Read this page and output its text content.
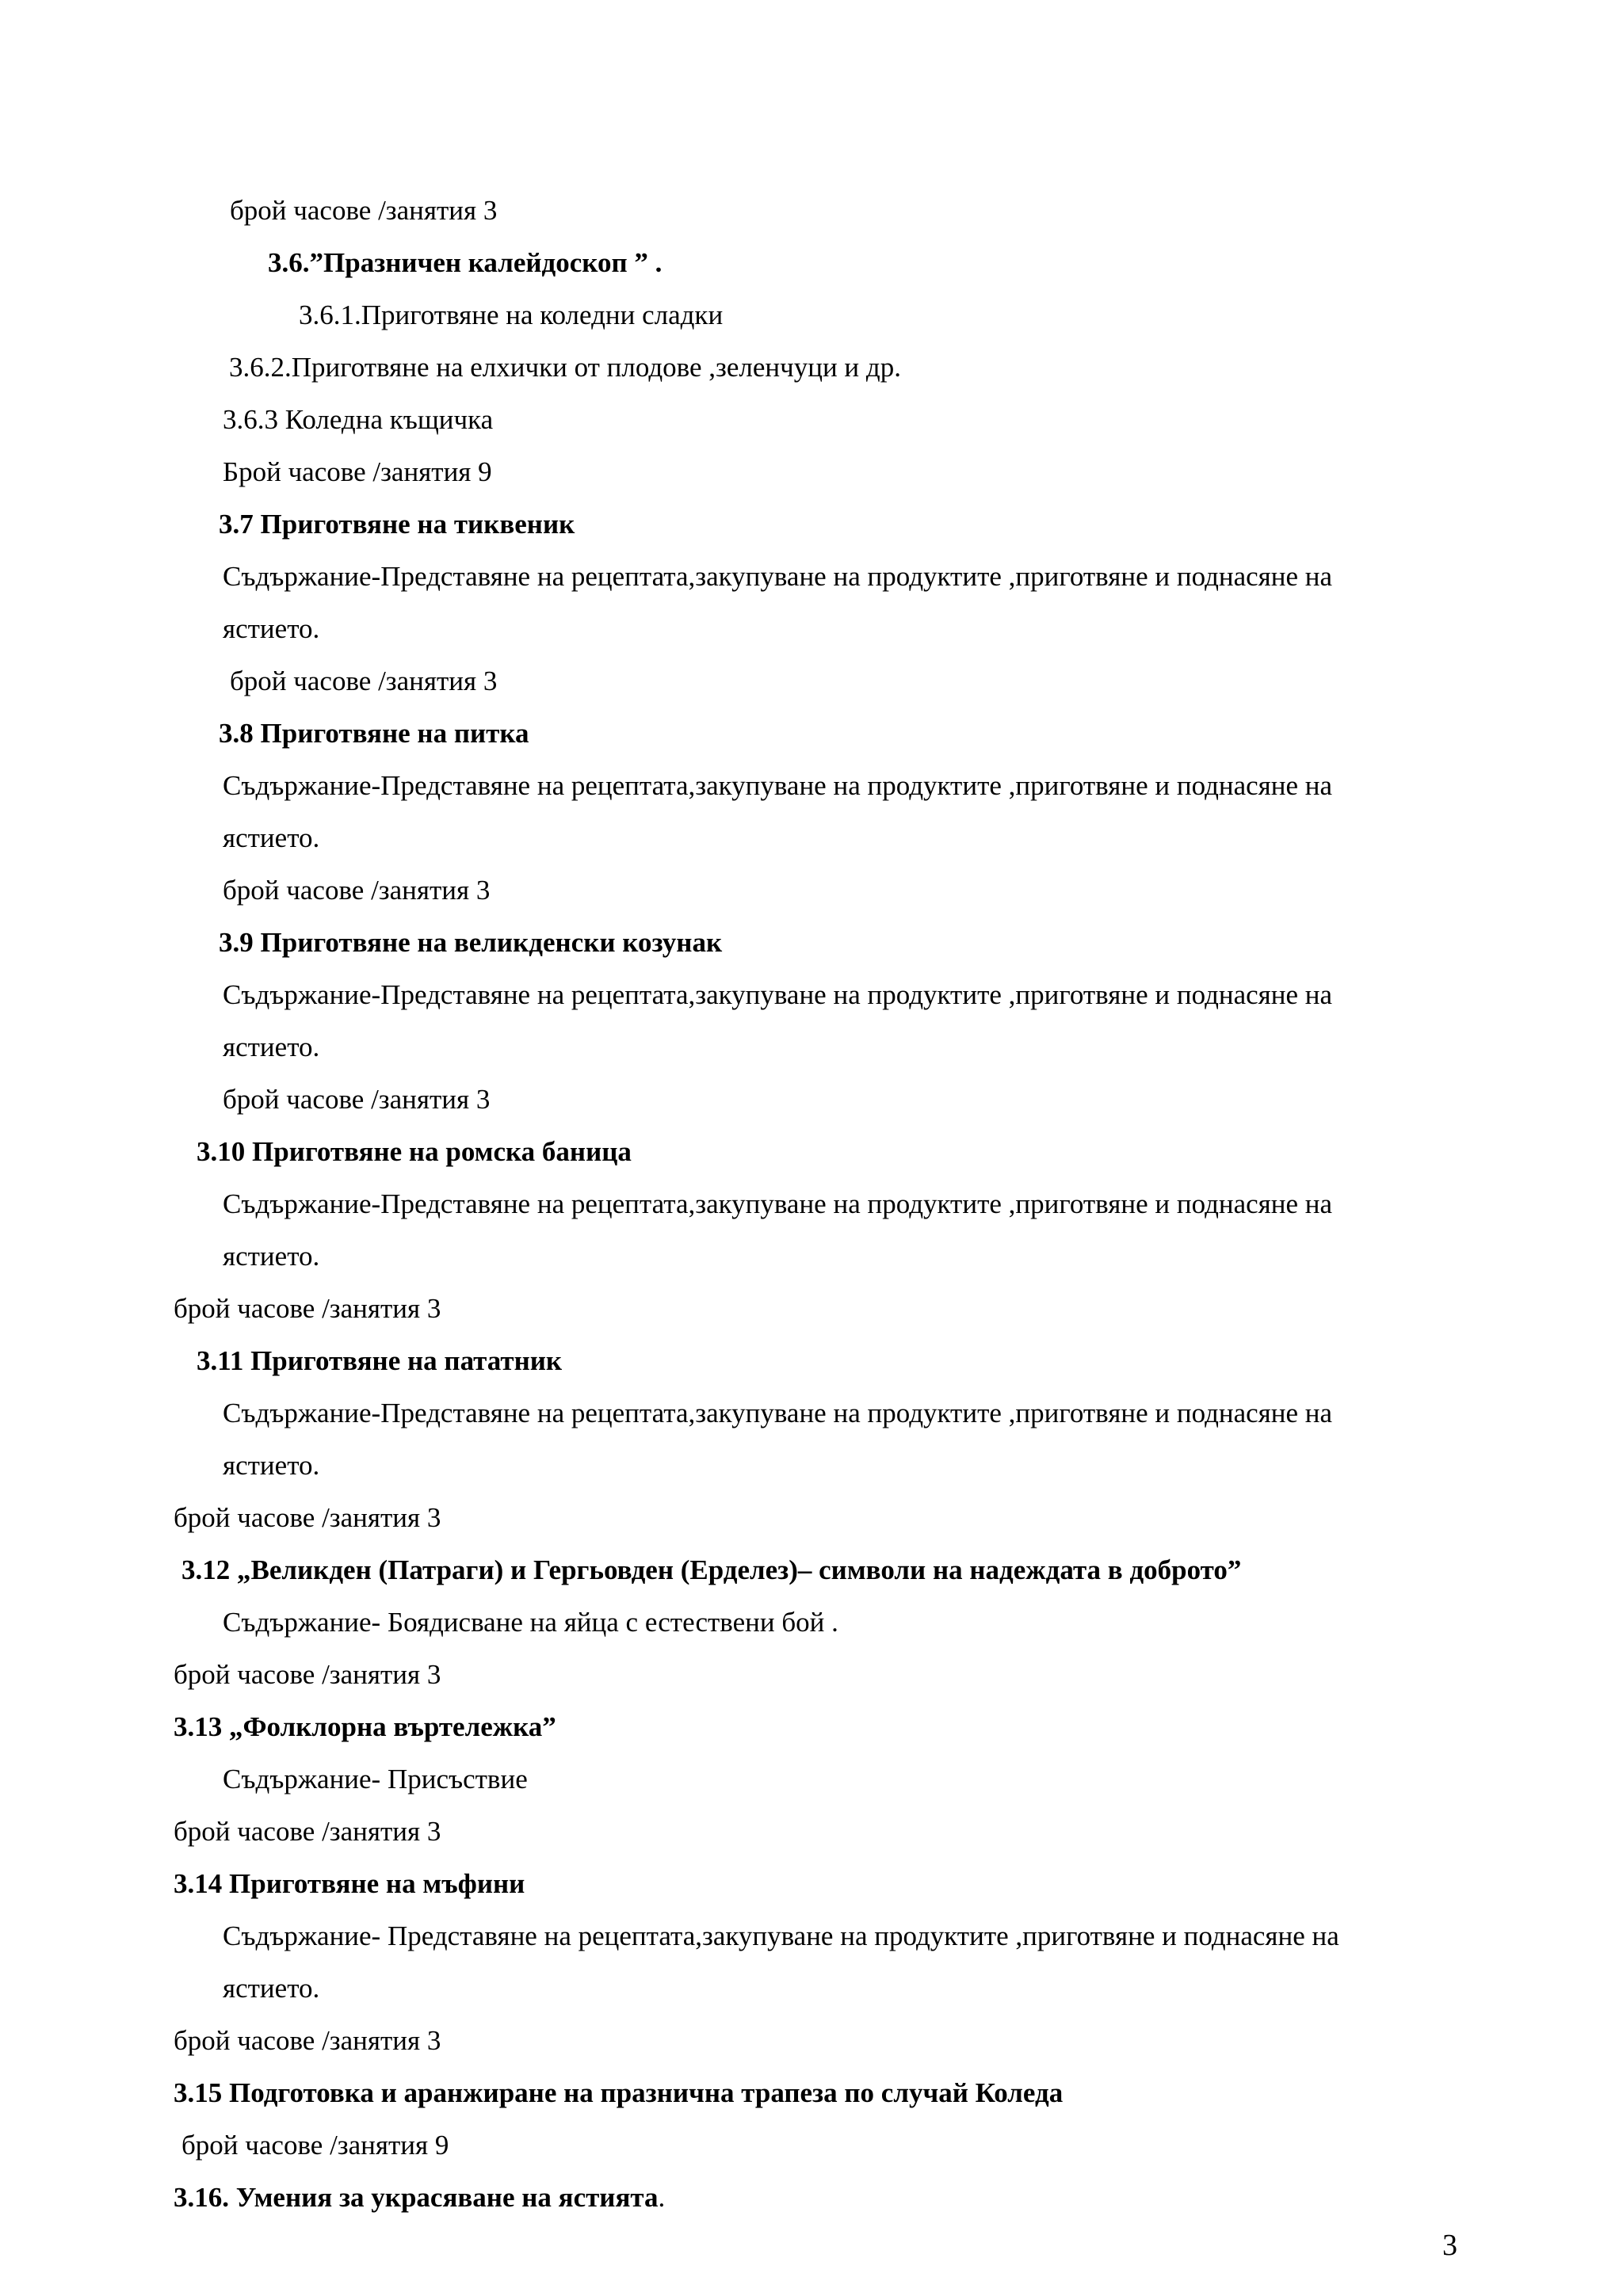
брой часове /занятия 3
3.6.”Празничен калейдоскоп ” .
3.6.1.Приготвяне на коледни сладки
3.6.2.Приготвяне на елхички от плодове ,зеленчуци и др.
3.6.3 Коледна къщичка
Брой часове /занятия 9
3.7 Приготвяне на тиквеник
Съдържание-Представяне на рецептата,закупуване на продуктите ,приготвяне и поднасяне на
ястието.
брой часове /занятия 3
3.8 Приготвяне на питка
Съдържание-Представяне на рецептата,закупуване на продуктите ,приготвяне и поднасяне на
ястието.
брой часове /занятия 3
3.9 Приготвяне на великденски козунак
Съдържание-Представяне на рецептата,закупуване на продуктите ,приготвяне и поднасяне на
ястието.
брой часове /занятия 3
3.10 Приготвяне на ромска баница
Съдържание-Представяне на рецептата,закупуване на продуктите ,приготвяне и поднасяне на
ястието.
брой часове /занятия 3
3.11 Приготвяне на пататник
Съдържание-Представяне на рецептата,закупуване на продуктите ,приготвяне и поднасяне на
ястието.
брой часове /занятия 3
3.12 „Великден (Патраги) и Гергьовден (Ерделез)– символи на надеждата в доброто”
Съдържание- Боядисване на яйца с естествени бой .
брой часове /занятия 3
3.13 „Фолклорна въртележка”
Съдържание- Присъствие
брой часове /занятия 3
3.14 Приготвяне на мъфини
Съдържание- Представяне на рецептата,закупуване на продуктите ,приготвяне и поднасяне на
ястието.
брой часове /занятия 3
3.15 Подготовка и аранжиране на празнична трапеза по случай Коледа
брой часове /занятия 9
3.16. Умения за украсяване на ястията.
3
